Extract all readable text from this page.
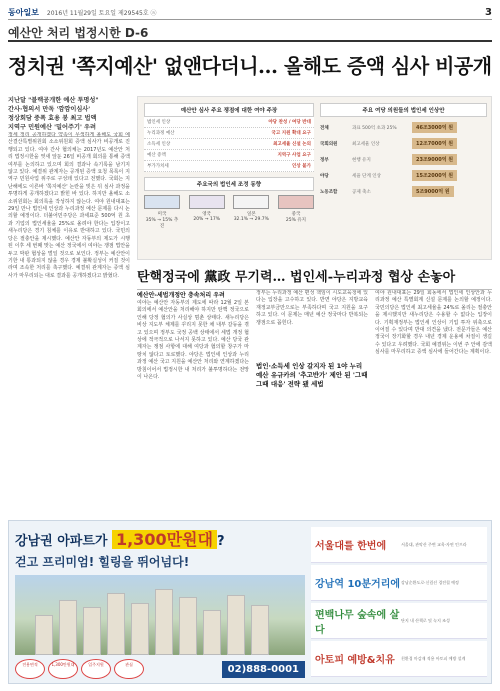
동아일보 2016년 11월29일 토요일 제29545호 ⓐ	3
예산안 처리 법정시한 D-6
정치권 '쪽지예산' 없앤다더니… 올해도 증액 심사 비공개
지난달 "블랙공개한 예산 투명성"
간사·협의서 만독 '깜깜이심사'
정상회담 중폭 효용 봉 최고 법액
지역구 민원예산 '밀어주기' 우려
정세 정리 공개하겠다 약속이 무색하게 올해도 국회 예산결산특별위원회 소소위원회 증액 심사가 비공개로 진행되고 있다. 여야 간사 협의체는 2017년도 예산안 처리 법정시한을 엿새 앞둔 26일 비공개 회의를 통해 증액 여부를 논의하고 있으며 회의 결과나 속기록을 남기지 않고 있다. 예결위 관계자는 공개된 증액 요청 목록이 지역구 민원사업 위주로 구성돼 있다고 전했다. 국회는 지난해에도 이른바 '쪽지예산' 논란을 빚은 뒤 심사 과정을 투명하게 공개하겠다고 밝힌 바 있다. 하지만 올해도 소소위원회는 회의록을 작성하지 않는다. 여야 원내대표는 29일 만나 법인세 인상과 누리과정 예산 문제를 다시 논의할 예정이다. 더불어민주당은 과세표준 500억 원 초과 기업의 법인세율을 25%로 올려야 한다는 입장이고 새누리당은 경기 침체를 이유로 반대하고 있다. 국민의당은 절충안을 제시했다. 예산안 자동부의 제도가 시행된 이후 세 번째 맞는 예산 정국에서 여야는 쟁점 법안을 두고 막판 협상을 벌일 것으로 보인다. 정부는 예산안이 기한 내 통과되지 않을 경우 경제 불확실성이 커질 것이라며 조속한 처리를 촉구했다. 예결위 관계자는 증액 심사가 마무리되는 대로 결과를 공개하겠다고 밝혔다.
예산안 심사 주요 쟁점에 대한 여야 주장
법인세 인상	야당 찬성 / 여당 반대
누리과정 예산	국고 지원 확대 요구
소득세 인상	최고세율 신설 논의
예산 증액	지역구 사업 요구
부가가치세	인상 불가
주요국의 법인세 조정 동향
미국
35% → 15% 추진
영국
20% → 17%
일본
32.1% → 29.7%
중국
25% 유지
주요 여당 의원들의 법인세 인상안
전체	과표 500억 초과 25%	46조3000억 원
국회의원	최고세율 인상	12조7000억 원
정부	현행 유지	23조9000억 원
야당	세율 단계 인상	15조2000억 원
노동조합	공제 축소	5조9000억 원
탄핵정국에 黨政 무기력… 법인세-누리과정 협상 손놓아
여야는 예산안 자동부의 제도에 따라 12월 2일 본회의에서 예산안을 처리해야 하지만 탄핵 정국으로 인해 당정 협의가 사실상 멈춘 상태다. 새누리당은 비상 지도부 체제를 꾸리지 못한 채 내부 갈등을 겪고 있으며 정부도 국정 공백 상태에서 세법 개정 협상에 적극적으로 나서지 못하고 있다. 예산 당국 관계자는 쟁점 사항에 대해 여당과 협의할 창구가 마땅치 않다고 토로했다. 야당은 법인세 인상과 누리과정 예산 국고 지원을 예산안 처리와 연계하겠다는 방침이어서 법정시한 내 처리가 불투명하다는 전망이 나온다.
예산안-세법개정안 충속처리 우려	정부는 누리과정 예산 편성 책임이 시도교육청에 있다는 입장을 고수하고 있다. 반면 야당은 지방교육재정교부금만으로는 부족하다며 국고 지원을 요구하고 있다. 이 문제는 매년 예산 정국마다 반복되는 쟁점으로 꼽힌다.
법인·소득세 인상 갈지자 된 1야 누리예산 유규카의 '추고반가' 제안 된 '그때그때 대응' 전략 됐 세법
여야 원내대표는 29일 회동에서 법인세 인상안과 누리과정 예산 특별회계 신설 문제를 논의할 예정이다. 국민의당은 법인세 최고세율을 24%로 올리는 절충안을 제시했지만 새누리당은 수용할 수 없다는 입장이다. 기획재정부는 법인세 인상이 기업 투자 위축으로 이어질 수 있다며 반대 의견을 냈다. 전문가들은 예산 정국이 장기화할 경우 내년 경제 운용에 차질이 생길 수 있다고 우려했다. 국회 예결위는 이번 주 안에 감액 심사를 마무리하고 증액 심사에 들어간다는 계획이다.
강남권 아파트가 1,300만원대 ?
걷고 프리미엄! 힐링을 뛰어넘다!
전용면적	1,300만원대	입주지원	관심	02)888-0001
서울대를 한번에	서울대, 관악산 주변 교육·자연 인프라
강남역 10분거리에 강남순환도로·신림선 경전철 예정
편백나무 숲속에 살다
단지 내 산책로 및 녹지 조성
아토피 예방&치유	친환경 마감재 적용 아토피 예방 설계
